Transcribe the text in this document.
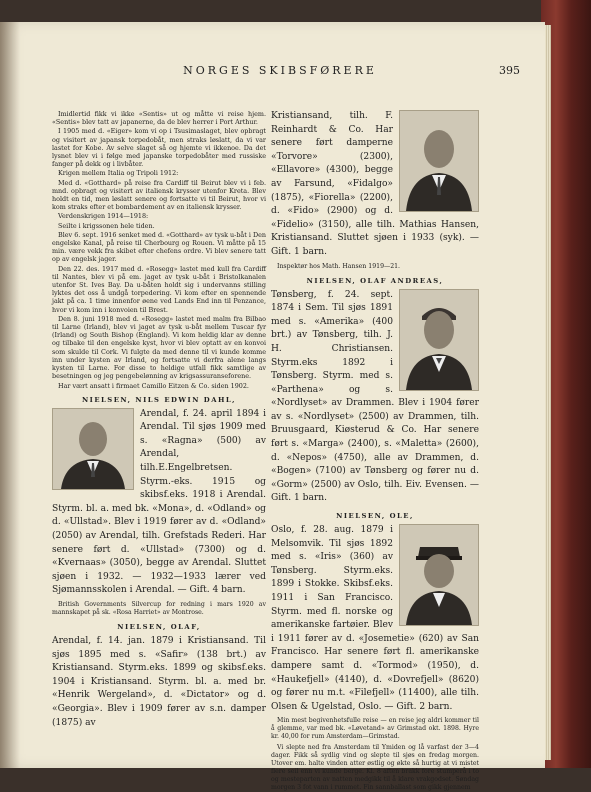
NORGES SKIBSFØRERE	395

Imidlertid fikk vi ikke «Sentis» ut og måtte vi reise hjem. «Sentis» blev tatt av japanerne, da de blev herrer i Port Arthur.

I 1905 med d. «Eiger» kom vi op i Tsusimaslaget, blev opbragt og visitert av japansk torpedobåt, men straks løslatt, da vi var lastet for Kobe. Av selve slaget så og hjemte vi ikkenoe. Da det lysnet blev vi i følge med japanske torpedobåter med russiske fanger på dekk og i livbåter.

Krigen mellem Italia og Tripoli 1912:

Med d. «Gotthard» på reise fra Cardiff til Beirut blev vi i feb. mnd. opbragt og visitert av italiensk krysser utenfor Kreta. Blev holdt en tid, men løslatt senere og fortsatte vi til Beirut, hvor vi kom straks efter et bombardement av en italiensk krysser.

Verdenskrigen 1914—1918:

Seilte i krigssonen hele tiden.

Blev 6. sept. 1916 senket med d. «Gotthard» av tysk u-båt i Den engelske Kanal, på reise til Cherbourg og Rouen. Vi måtte på 15 min. være vekk fra skibet efter chefens ordre. Vi blev senere tatt op av engelsk jager.

Den 22. des. 1917 med d. «Rosegg» lastet med kull fra Cardiff til Nantes, blev vi på em. jaget av tysk u-båt i Bristolkanalen utenfor St. Ives Bay. Da u-båten holdt sig i undervanns stilling lyktes det oss å undgå torpedering. Vi kom efter en spennende jakt på ca. 1 time innenfor øene ved Lands End inn til Penzance, hvor vi kom inn i konvoien til Brest.

Den 8. juni 1918 med d. «Rosegg» lastet med malm fra Bilbao til Larne (Irland), blev vi jaget av tysk u-båt mellem Tuscar fyr (Irland) og South Bishop (England). Vi kom heldig klar av denne og tilbake til den engelske kyst, hvor vi blev optatt av en konvoi som skulde til Cork. Vi fulgte da med denne til vi kunde komme inn under kysten av Irland, og fortsatte vi derfra alene langs kysten til Larne. For disse to heldige utfall fikk samtlige av besetningen og jeg pengebelønning av krigsassuranseforene.

Har vært ansatt i firmaet Camillo Eitzen & Co. siden 1902.

NIELSEN, NILS EDWIN DAHL,

Arendal, f. 24. april 1894 i Arendal. Til sjøs 1909 med s. «Ragna» (500) av Arendal, tilh.E.Engelbretsen. Styrm.-eks. 1915 og skibsf.eks. 1918 i Arendal. Styrm. bl. a. med bk. «Mona», d. «Odland» og d. «Ullstad». Blev i 1919 fører av d. «Odland» (2050) av Arendal, tilh. Grefstads Rederi. Har senere ført d. «Ullstad» (7300) og d. «Kvernaas» (3050), begge av Arendal. Sluttet sjøen i 1932. — 1932—1933 lærer ved Sjømannsskolen i Arendal. — Gift. 4 barn.

British Governments Silvercup for redning i mars 1920 av mannskapet på sk. «Rosa Harriet» av Montrose.

NIELSEN, OLAF,

Arendal, f. 14. jan. 1879 i Kristiansand. Til sjøs 1895 med s. «Safir» (138 brt.) av Kristiansand. Styrm.eks. 1899 og skibsf.eks. 1904 i Kristiansand. Styrm. bl. a. med br. «Henrik Wergeland», d. «Dictator» og d. «Georgia». Blev i 1909 fører av s.n. damper (1875) av

Kristiansand, tilh. F. Reinhardt & Co. Har senere ført damperne «Torvore» (2300), «Ellavore» (4300), begge av Farsund, «Fidalgo» (1875), «Fiorella» (2200), d. «Fido» (2900) og d. «Fidelio» (3150), alle tilh. Mathias Hansen, Kristiansand. Sluttet sjøen i 1933 (syk). — Gift. 1 barn.

Inspektør hos Math. Hansen 1919—21.

NIELSEN, OLAF ANDREAS,

Tønsberg, f. 24. sept. 1874 i Sem. Til sjøs 1891 med s. «Amerika» (400 brt.) av Tønsberg, tilh. J. H. Christiansen. Styrm.eks 1892 i Tønsberg. Styrm. med s. «Parthena» og s. «Nordlyset» av Drammen. Blev i 1904 fører av s. «Nordlyset» (2500) av Drammen, tilh. Bruusgaard, Kiøsterud & Co. Har senere ført s. «Marga» (2400), s. «Maletta» (2600), d. «Nepos» (4750), alle av Drammen, d. «Bogen» (7100) av Tønsberg og fører nu d. «Gorm» (2500) av Oslo, tilh. Eiv. Evensen. — Gift. 1 barn.

NIELSEN, OLE,

Oslo, f. 28. aug. 1879 i Melsomvik. Til sjøs 1892 med s. «Iris» (360) av Tønsberg. Styrm.eks. 1899 i Stokke. Skibsf.eks. 1911 i San Francisco. Styrm. med fl. norske og amerikanske fartøier. Blev i 1911 fører av d. «Josemetie» (620) av San Francisco. Har senere ført fl. amerikanske dampere samt d. «Tormod» (1950), d. «Haukefjell» (4140), d. «Dovrefjell» (8620) og fører nu m.t. «Filefjell» (11400), alle tilh. Olsen & Ugelstad, Oslo. — Gift. 2 barn.

Min mest begivenhetsfulle reise — en reise jeg aldri kommer til å glemme, var med bk. «Løvetand» av Grimstad okt. 1898. Hyre kr. 40,00 for rum Amsterdam—Grimstad.

Vi slepte ned fra Amsterdam til Ymiden og lå varfast der 3—4 dager. Fikk så sydlig vind og slepte til sjøs en fredag morgen. Utover em. halte vinden atter østlig og økte så hurtig at vi mistet flere seil enn vi kunde berge. Kl. 8 aften brakk fore stumperå i to og mesteparten av natten medgikk til å klare vrakgodset. Søndag morgen 3 fot vann i rummet. Fin sannballast som gikk gjennem
